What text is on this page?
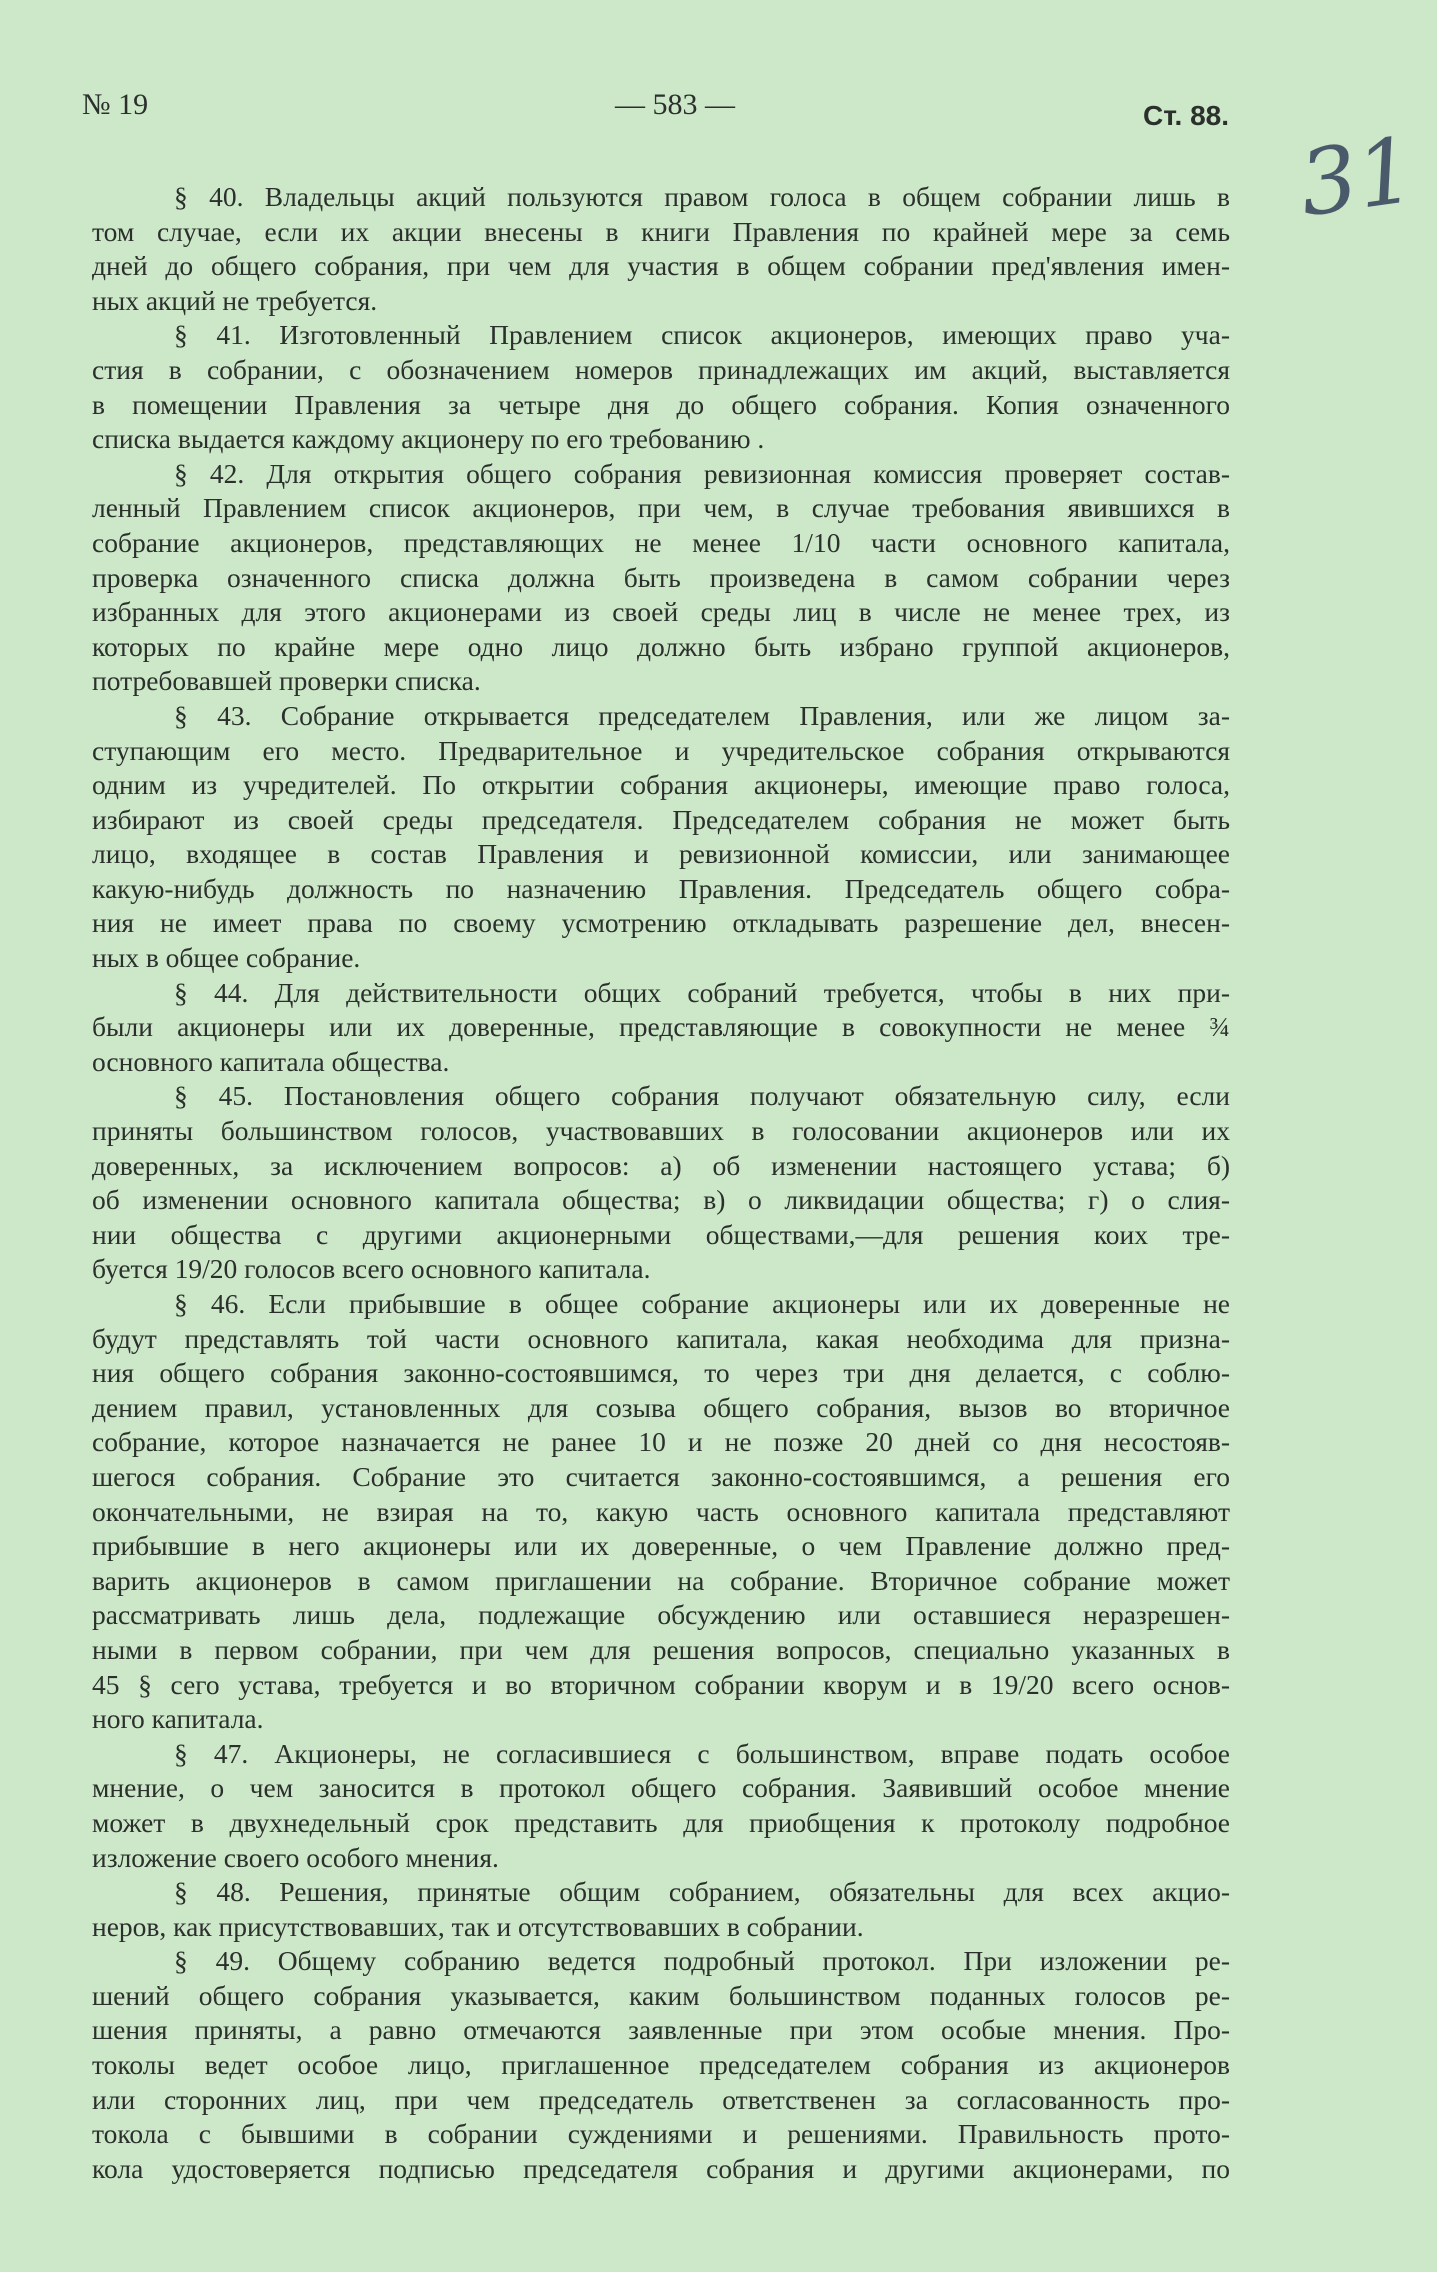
№ 19	— 583 —	Ст. 88.
31
§ 40. Владельцы акций пользуются правом голоса в общем собрании лишь в
том случае, если их акции внесены в книги Правления по крайней мере за семь
дней до общего собрания, при чем для участия в общем собрании пред'явления имен-
ных акций не требуется.
§ 41. Изготовленный Правлением список акционеров, имеющих право уча-
стия в собрании, с обозначением номеров принадлежащих им акций, выставляется
в помещении Правления за четыре дня до общего собрания. Копия означенного
списка выдается каждому акционеру по его требованию .
§ 42. Для открытия общего собрания ревизионная комиссия проверяет состав-
ленный Правлением список акционеров, при чем, в случае требования явившихся в
собрание акционеров, представляющих не менее 1/10 части основного капитала,
проверка означенного списка должна быть произведена в самом собрании через
избранных для этого акционерами из своей среды лиц в числе не менее трех, из
которых по крайне мере одно лицо должно быть избрано группой акционеров,
потребовавшей проверки списка.
§ 43. Собрание открывается председателем Правления, или же лицом за-
ступающим его место. Предварительное и учредительское собрания открываются
одним из учредителей. По открытии собрания акционеры, имеющие право голоса,
избирают из своей среды председателя. Председателем собрания не может быть
лицо, входящее в состав Правления и ревизионной комиссии, или занимающее
какую-нибудь должность по назначению Правления. Председатель общего собра-
ния не имеет права по своему усмотрению откладывать разрешение дел, внесен-
ных в общее собрание.
§ 44. Для действительности общих собраний требуется, чтобы в них при-
были акционеры или их доверенные, представляющие в совокупности не менее ¾
основного капитала общества.
§ 45. Постановления общего собрания получают обязательную силу, если
приняты большинством голосов, участвовавших в голосовании акционеров или их
доверенных, за исключением вопросов: а) об изменении настоящего устава; б)
об изменении основного капитала общества; в) о ликвидации общества; г) о слия-
нии общества с другими акционерными обществами,—для решения коих тре-
буется 19/20 голосов всего основного капитала.
§ 46. Если прибывшие в общее собрание акционеры или их доверенные не
будут представлять той части основного капитала, какая необходима для призна-
ния общего собрания законно-состоявшимся, то через три дня делается, с соблю-
дением правил, установленных для созыва общего собрания, вызов во вторичное
собрание, которое назначается не ранее 10 и не позже 20 дней со дня несостояв-
шегося собрания. Собрание это считается законно-состоявшимся, а решения его
окончательными, не взирая на то, какую часть основного капитала представляют
прибывшие в него акционеры или их доверенные, о чем Правление должно пред-
варить акционеров в самом приглашении на собрание. Вторичное собрание может
рассматривать лишь дела, подлежащие обсуждению или оставшиеся неразрешен-
ными в первом собрании, при чем для решения вопросов, специально указанных в
45 § сего устава, требуется и во вторичном собрании кворум и в 19/20 всего основ-
ного капитала.
§ 47. Акционеры, не согласившиеся с большинством, вправе подать особое
мнение, о чем заносится в протокол общего собрания. Заявивший особое мнение
может в двухнедельный срок представить для приобщения к протоколу подробное
изложение своего особого мнения.
§ 48. Решения, принятые общим собранием, обязательны для всех акцио-
неров, как присутствовавших, так и отсутствовавших в собрании.
§ 49. Общему собранию ведется подробный протокол. При изложении ре-
шений общего собрания указывается, каким большинством поданных голосов ре-
шения приняты, а равно отмечаются заявленные при этом особые мнения. Про-
токолы ведет особое лицо, приглашенное председателем собрания из акционеров
или сторонних лиц, при чем председатель ответственен за согласованность про-
токола с бывшими в собрании суждениями и решениями. Правильность прото-
кола удостоверяется подписью председателя собрания и другими акционерами, по
